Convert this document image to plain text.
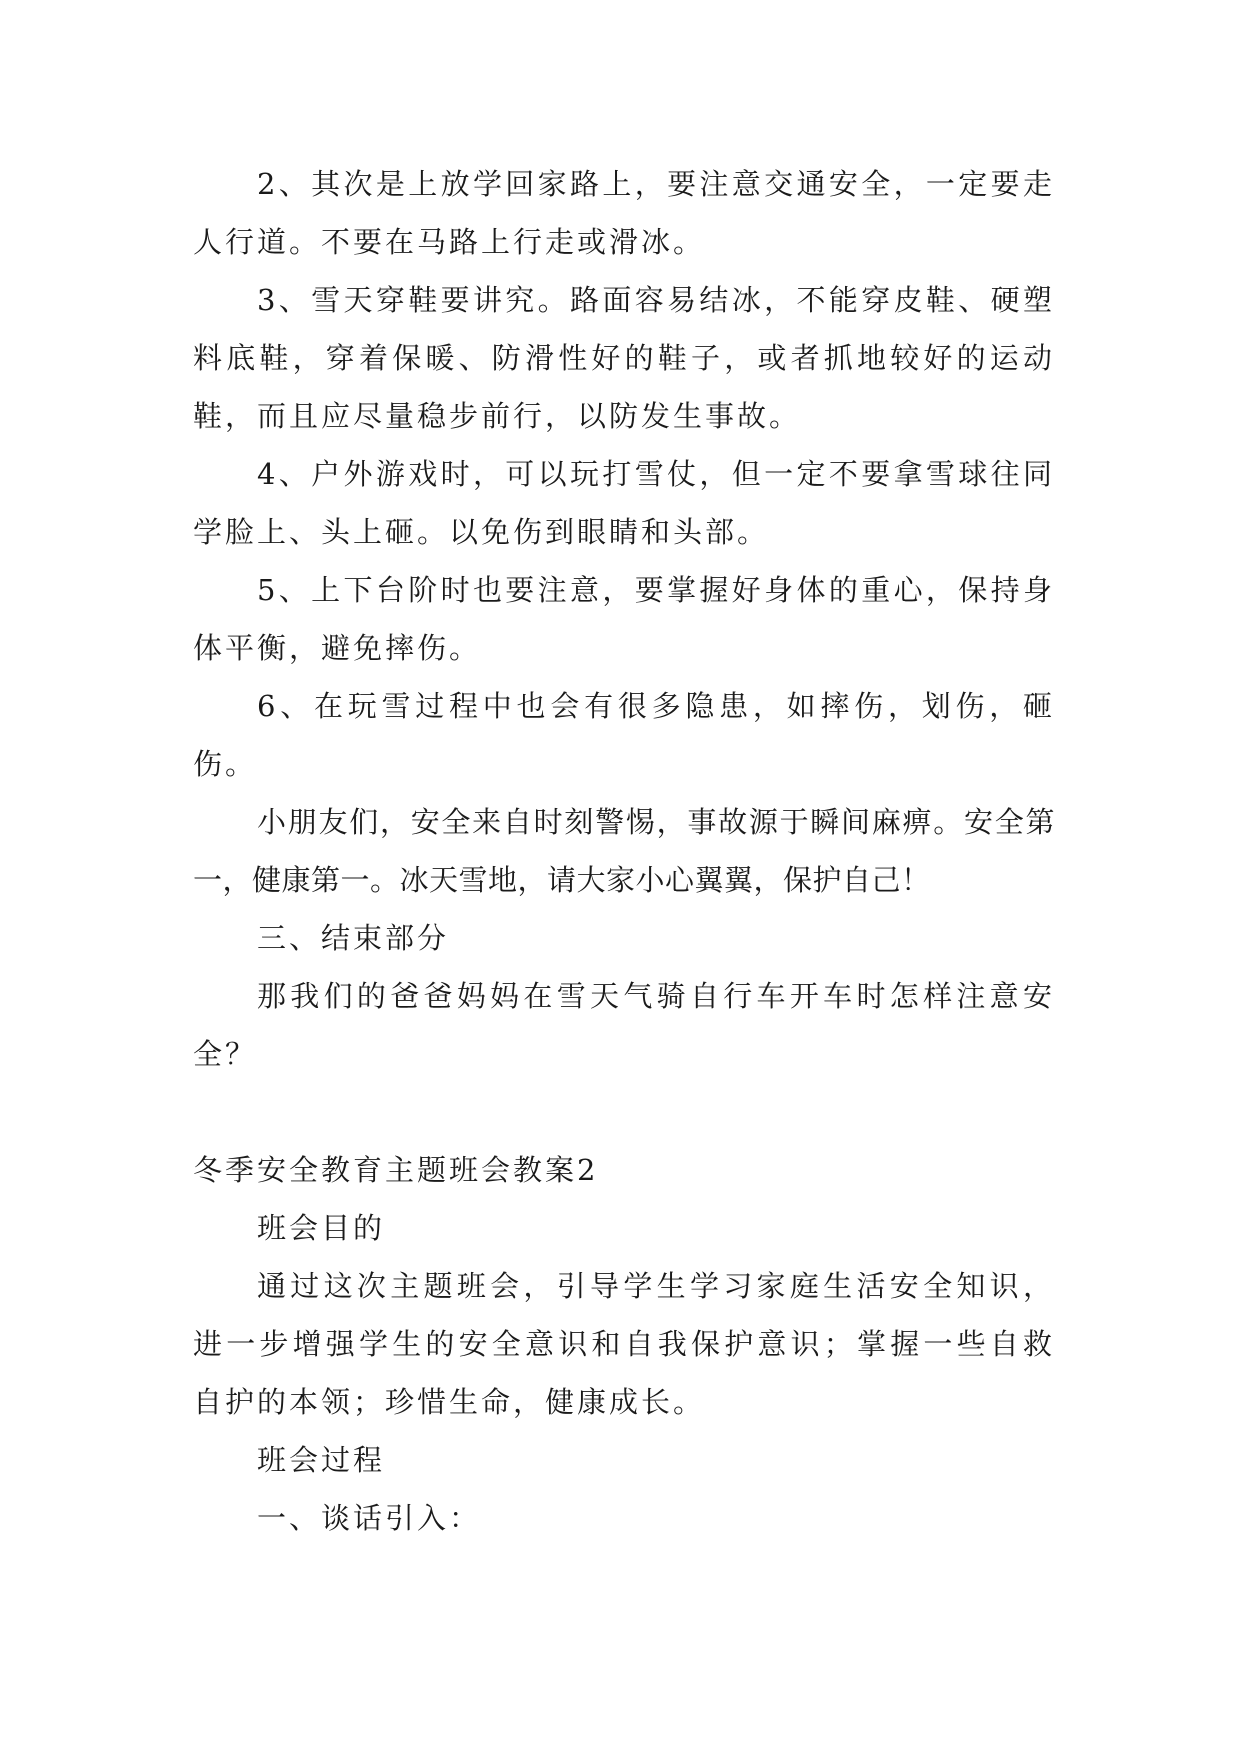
2、其次是上放学回家路上，要注意交通安全，一定要走人行道。不要在马路上行走或滑冰。

3、雪天穿鞋要讲究。路面容易结冰，不能穿皮鞋、硬塑料底鞋，穿着保暖、防滑性好的鞋子，或者抓地较好的运动鞋，而且应尽量稳步前行，以防发生事故。

4、户外游戏时，可以玩打雪仗，但一定不要拿雪球往同学脸上、头上砸。以免伤到眼睛和头部。

5、上下台阶时也要注意，要掌握好身体的重心，保持身体平衡，避免摔伤。

6、在玩雪过程中也会有很多隐患，如摔伤，划伤，砸伤。

小朋友们，安全来自时刻警惕，事故源于瞬间麻痹。安全第一，健康第一。冰天雪地，请大家小心翼翼，保护自己！

三、结束部分

那我们的爸爸妈妈在雪天气骑自行车开车时怎样注意安全？

冬季安全教育主题班会教案2

班会目的

通过这次主题班会，引导学生学习家庭生活安全知识，进一步增强学生的安全意识和自我保护意识；掌握一些自救自护的本领；珍惜生命，健康成长。

班会过程

一、谈话引入：
